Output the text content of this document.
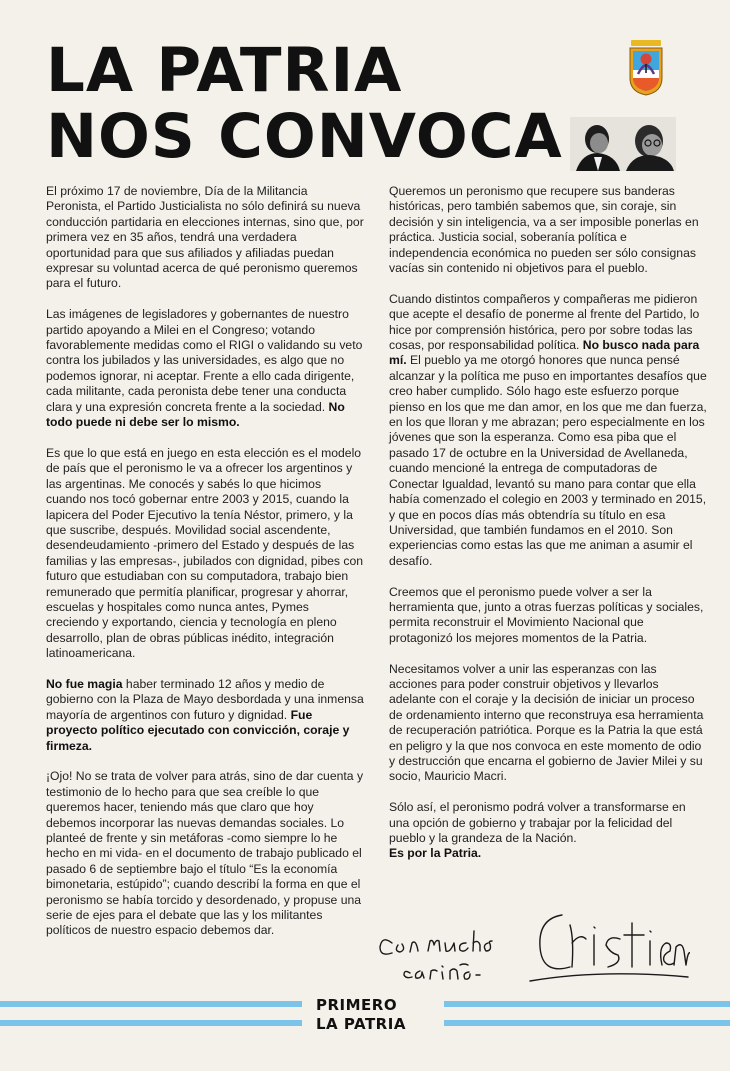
LA PATRIA
NOS CONVOCA

El próximo 17 de noviembre, Día de la Militancia Peronista, el Partido Justicialista no sólo definirá su nueva conducción partidaria en elecciones internas, sino que, por primera vez en 35 años, tendrá una verdadera oportunidad para que sus afiliados y afiliadas puedan expresar su voluntad acerca de qué peronismo queremos para el futuro.

Las imágenes de legisladores y gobernantes de nuestro partido apoyando a Milei en el Congreso; votando favorablemente medidas como el RIGI o validando su veto contra los jubilados y las universidades, es algo que no podemos ignorar, ni aceptar. Frente a ello cada dirigente, cada militante, cada peronista debe tener una conducta clara y una expresión concreta frente a la sociedad. No todo puede ni debe ser lo mismo.

Es que lo que está en juego en esta elección es el modelo de país que el peronismo le va a ofrecer los argentinos y las argentinas. Me conocés y sabés lo que hicimos cuando nos tocó gobernar entre 2003 y 2015, cuando la lapicera del Poder Ejecutivo la tenía Néstor, primero, y la que suscribe, después. Movilidad social ascendente, desendeudamiento -primero del Estado y después de las familias y las empresas-, jubilados con dignidad, pibes con futuro que estudiaban con su computadora, trabajo bien remunerado que permitía planificar, progresar y ahorrar, escuelas y hospitales como nunca antes, Pymes creciendo y exportando, ciencia y tecnología en pleno desarrollo, plan de obras públicas inédito, integración latinoamericana.

No fue magia haber terminado 12 años y medio de gobierno con la Plaza de Mayo desbordada y una inmensa mayoría de argentinos con futuro y dignidad. Fue proyecto político ejecutado con convicción, coraje y firmeza.

¡Ojo! No se trata de volver para atrás, sino de dar cuenta y testimonio de lo hecho para que sea creíble lo que queremos hacer, teniendo más que claro que hoy debemos incorporar las nuevas demandas sociales. Lo planteé de frente y sin metáforas -como siempre lo he hecho en mi vida- en el documento de trabajo publicado el pasado 6 de septiembre bajo el título “Es la economía bimonetaria, estúpido”; cuando describí la forma en que el peronismo se había torcido y desordenado, y propuse una serie de ejes para el debate que las y los militantes políticos de nuestro espacio debemos dar.

Queremos un peronismo que recupere sus banderas históricas, pero también sabemos que, sin coraje, sin decisión y sin inteligencia, va a ser imposible ponerlas en práctica. Justicia social, soberanía política e independencia económica no pueden ser sólo consignas vacías sin contenido ni objetivos para el pueblo.

Cuando distintos compañeros y compañeras me pidieron que acepte el desafío de ponerme al frente del Partido, lo hice por comprensión histórica, pero por sobre todas las cosas, por responsabilidad política. No busco nada para mí. El pueblo ya me otorgó honores que nunca pensé alcanzar y la política me puso en importantes desafíos que creo haber cumplido. Sólo hago este esfuerzo porque pienso en los que me dan amor, en los que me dan fuerza, en los que lloran y me abrazan; pero especialmente en los jóvenes que son la esperanza. Como esa piba que el pasado 17 de octubre en la Universidad de Avellaneda, cuando mencioné la entrega de computadoras de Conectar Igualdad, levantó su mano para contar que ella había comenzado el colegio en 2003 y terminado en 2015, y que en pocos días más obtendría su título en esa Universidad, que también fundamos en el 2010. Son experiencias como estas las que me animan a asumir el desafío.

Creemos que el peronismo puede volver a ser la herramienta que, junto a otras fuerzas políticas y sociales, permita reconstruir el Movimiento Nacional que protagonizó los mejores momentos de la Patria.

Necesitamos volver a unir las esperanzas con las acciones para poder construir objetivos y llevarlos adelante con el coraje y la decisión de iniciar un proceso de ordenamiento interno que reconstruya esa herramienta de recuperación patriótica. Porque es la Patria la que está en peligro y la que nos convoca en este momento de odio y destrucción que encarna el gobierno de Javier Milei y su socio, Mauricio Macri.

Sólo así, el peronismo podrá volver a transformarse en una opción de gobierno y trabajar por la felicidad del pueblo y la grandeza de la Nación.
Es por la Patria.

PRIMERO
LA PATRIA
